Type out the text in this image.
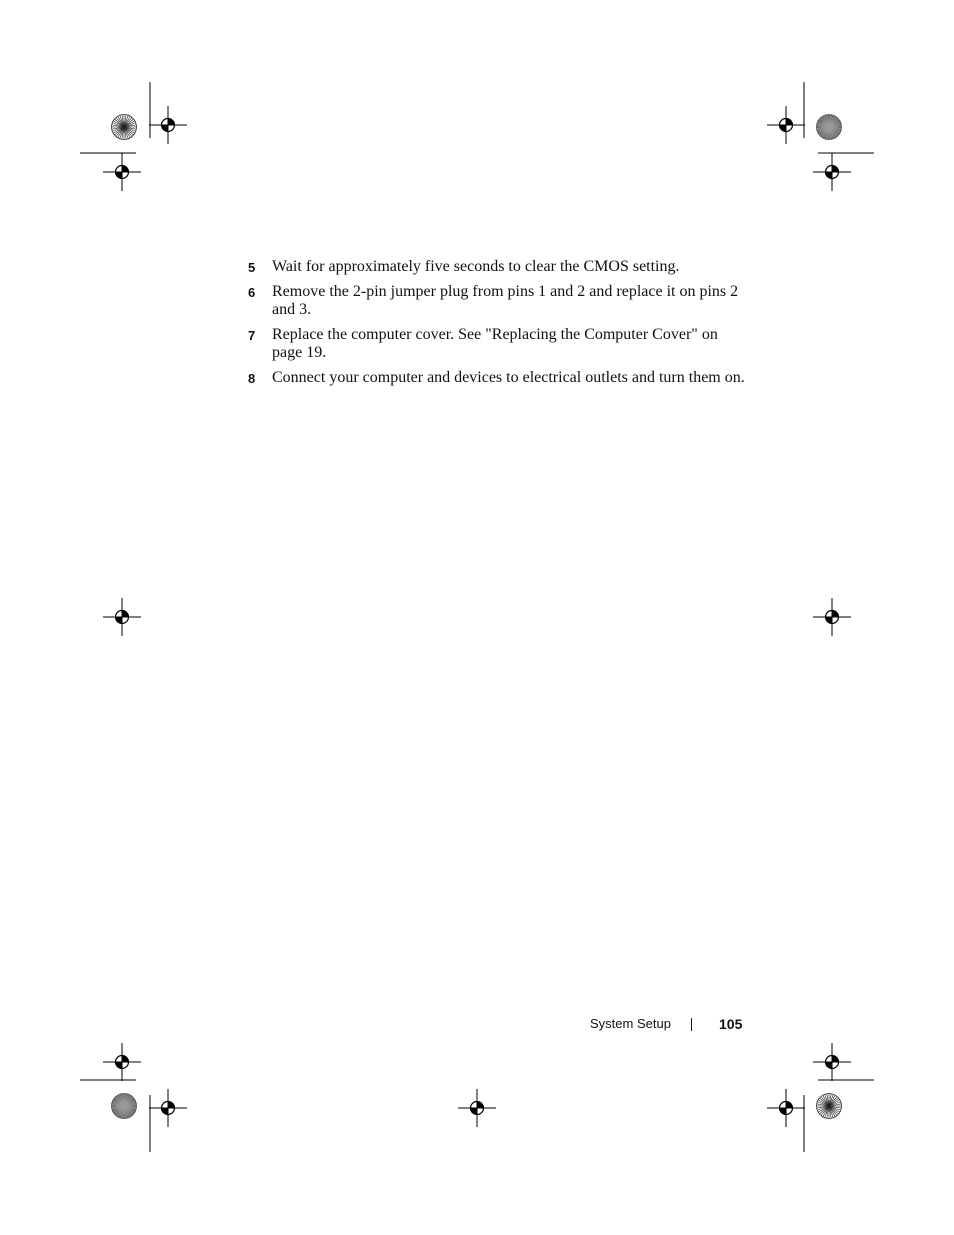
5 Wait for approximately five seconds to clear the CMOS setting.
6 Remove the 2-pin jumper plug from pins 1 and 2 and replace it on pins 2 and 3.
7 Replace the computer cover. See "Replacing the Computer Cover" on page 19.
8 Connect your computer and devices to electrical outlets and turn them on.
System Setup	105
